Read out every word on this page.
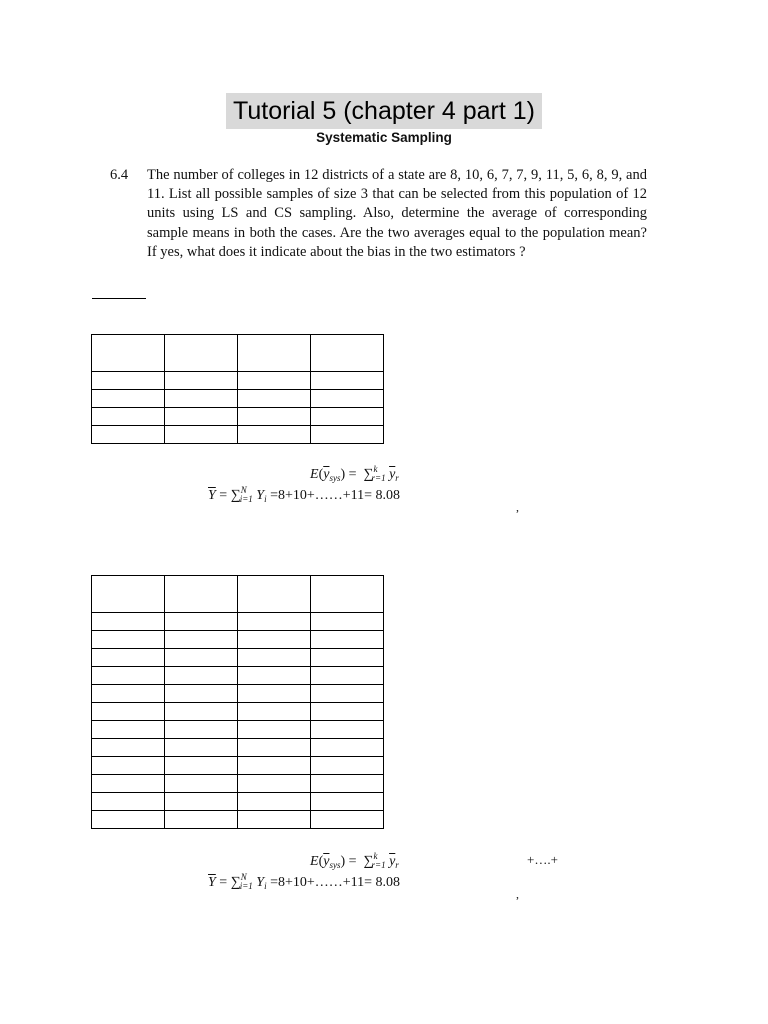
Tutorial 5 (chapter 4 part 1)
Systematic Sampling
6.4 The number of colleges in 12 districts of a state are 8, 10, 6, 7, 7, 9, 11, 5, 6, 8, 9, and 11. List all possible samples of size 3 that can be selected from this population of 12 units using LS and CS sampling. Also, determine the average of corresponding sample means in both the cases. Are the two averages equal to the population mean? If yes, what does it indicate about the bias in the two estimators ?

$E(\overline{y}_{sys}) = \sum^k_{r=1}$ $\overline{y}_r$
$\overline{Y} = \sum^N_{i=1}$ $Y_i$ =8+10+……+11= 8.08
,

$E(\overline{y}_{sys}) = \sum^k_{r=1}$ $\overline{y}_r$	+….+
$\overline{Y} = \sum^N_{i=1}$ $Y_i$ =8+10+……+11= 8.08
,
